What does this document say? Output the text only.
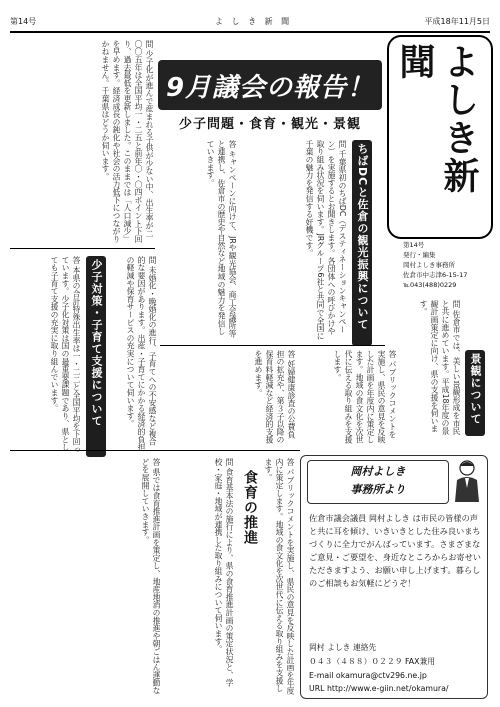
第14号	よ し き 新 聞	平成18年11月5日
9月議会の報告！
少子問題・食育・観光・景観	よしき新聞
第14号
発行・編集
岡村よしき事務所
佐倉市中志津6-15-17
℡043(488)0229
問 少子化が進んで産まれる子供が少ない中、出生率が二〇〇五年は全国平均一・二五と前年〇・〇四ポイント下回り、過去最低を更新しました。このままでは「人口減少」を早めます。経済成長の鈍化や社会の活力低下につながりかねません。千葉県はどうか伺います。
ちばDCと佐倉の観光振興について
問 千葉県初のちばDC（デスティネーションキャンペーン）を実施するとお聞きします。各団体への呼びかけや取り組み状況を伺います。JRグループ6社と共同で全国に千葉の魅力を発信する好機です。
答 キャンペーンに向けて、JRや観光協会、商工会議所等と連携し、佐倉市の歴史や自然など地域の魅力を発信していきます。
景観について
問 佐倉市では、美しい景観形成を市民と共に進めています。平成18年度の景観計画策定に向け、県の支援を伺います。
答 本県の合計特殊出生率は一・二二と全国平均を下回っています。少子化対策は国の最重要課題であり、県としても子育て支援の充実に取り組んでいます。	少子対策・子育て支援について	問 未婚化・晩婚化の進行、子育てへの不安感など複合的な要因があります。出産・子育てにかかる経済的負担の軽減や保育サービスの充実について伺います。	答 妊婦健康診査の公費負担の拡充や、第３子以降の保育料軽減など経済的支援を進めます。	答 パブリックコメントを実施し、県民の意見を反映した計画を年度内に策定します。地域の食文化を次世代に伝える取り組みを支援します。
答 県では食育推進計画を策定し、地産地消の推進や朝ごはん運動などを展開していきます。	問 食育基本法の施行により、県の食育推進計画の策定状況と、学校・家庭・地域が連携した取り組みについて伺います。	食育の推進	答 パブリックコメントを実施し、県民の意見を反映した計画を年度内に策定します。地域の食文化を次世代に伝える取り組みを支援します。	岡村よしき
事務所より
佐倉市議会議員 岡村よしき は市民の皆様の声と共に耳を傾け、いきいきとした住み良いまちづくりに全力でがんばっています。さまざまなご意見・ご要望を、身近なところからお寄せいただきますよう、お願い申し上げます。暮らしのご相談もお気軽にどうぞ！
岡村 よしき 連絡先
０４３（４８８）０２２９ FAX兼用
E-mail okamura@ctv296.ne.jp
URL http://www.e-giin.net/okamura/
